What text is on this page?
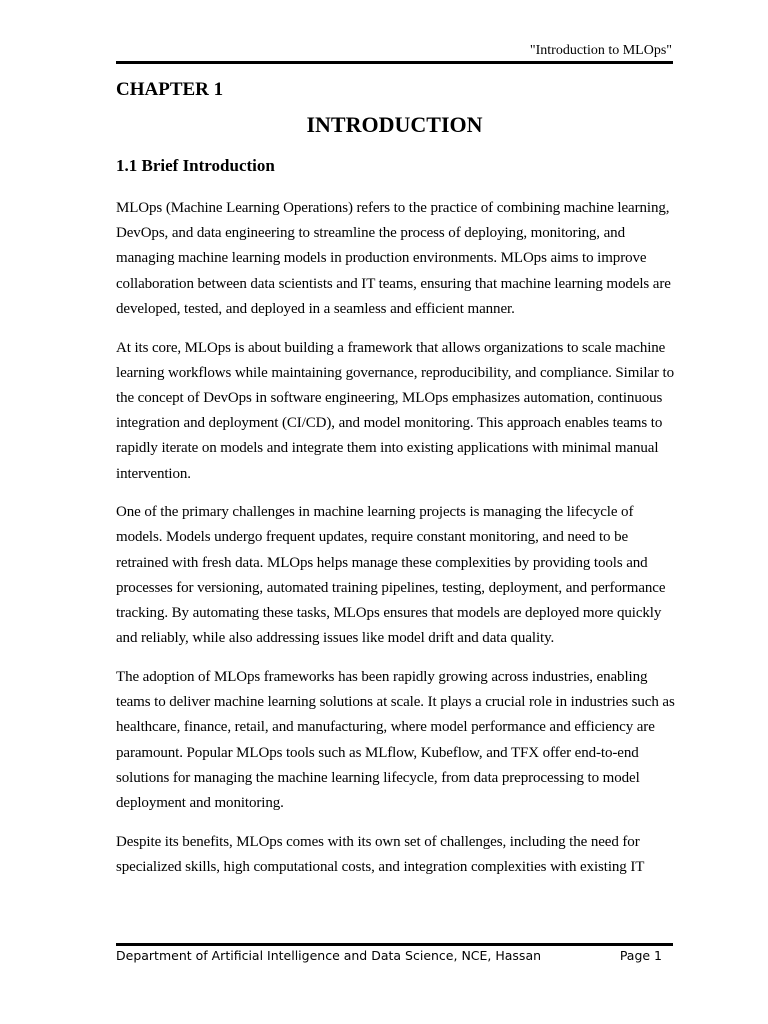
"Introduction to MLOps"
CHAPTER 1
INTRODUCTION
1.1 Brief Introduction

MLOps (Machine Learning Operations) refers to the practice of combining machine learning, DevOps, and data engineering to streamline the process of deploying, monitoring, and managing machine learning models in production environments. MLOps aims to improve collaboration between data scientists and IT teams, ensuring that machine learning models are developed, tested, and deployed in a seamless and efficient manner.

At its core, MLOps is about building a framework that allows organizations to scale machine learning workflows while maintaining governance, reproducibility, and compliance. Similar to the concept of DevOps in software engineering, MLOps emphasizes automation, continuous integration and deployment (CI/CD), and model monitoring. This approach enables teams to rapidly iterate on models and integrate them into existing applications with minimal manual intervention.

One of the primary challenges in machine learning projects is managing the lifecycle of models. Models undergo frequent updates, require constant monitoring, and need to be retrained with fresh data. MLOps helps manage these complexities by providing tools and processes for versioning, automated training pipelines, testing, deployment, and performance tracking. By automating these tasks, MLOps ensures that models are deployed more quickly and reliably, while also addressing issues like model drift and data quality.

The adoption of MLOps frameworks has been rapidly growing across industries, enabling teams to deliver machine learning solutions at scale. It plays a crucial role in industries such as healthcare, finance, retail, and manufacturing, where model performance and efficiency are paramount. Popular MLOps tools such as MLflow, Kubeflow, and TFX offer end-to-end solutions for managing the machine learning lifecycle, from data preprocessing to model deployment and monitoring.

Despite its benefits, MLOps comes with its own set of challenges, including the need for specialized skills, high computational costs, and integration complexities with existing IT

Department of Artificial Intelligence and Data Science, NCE, Hassan	Page 1
